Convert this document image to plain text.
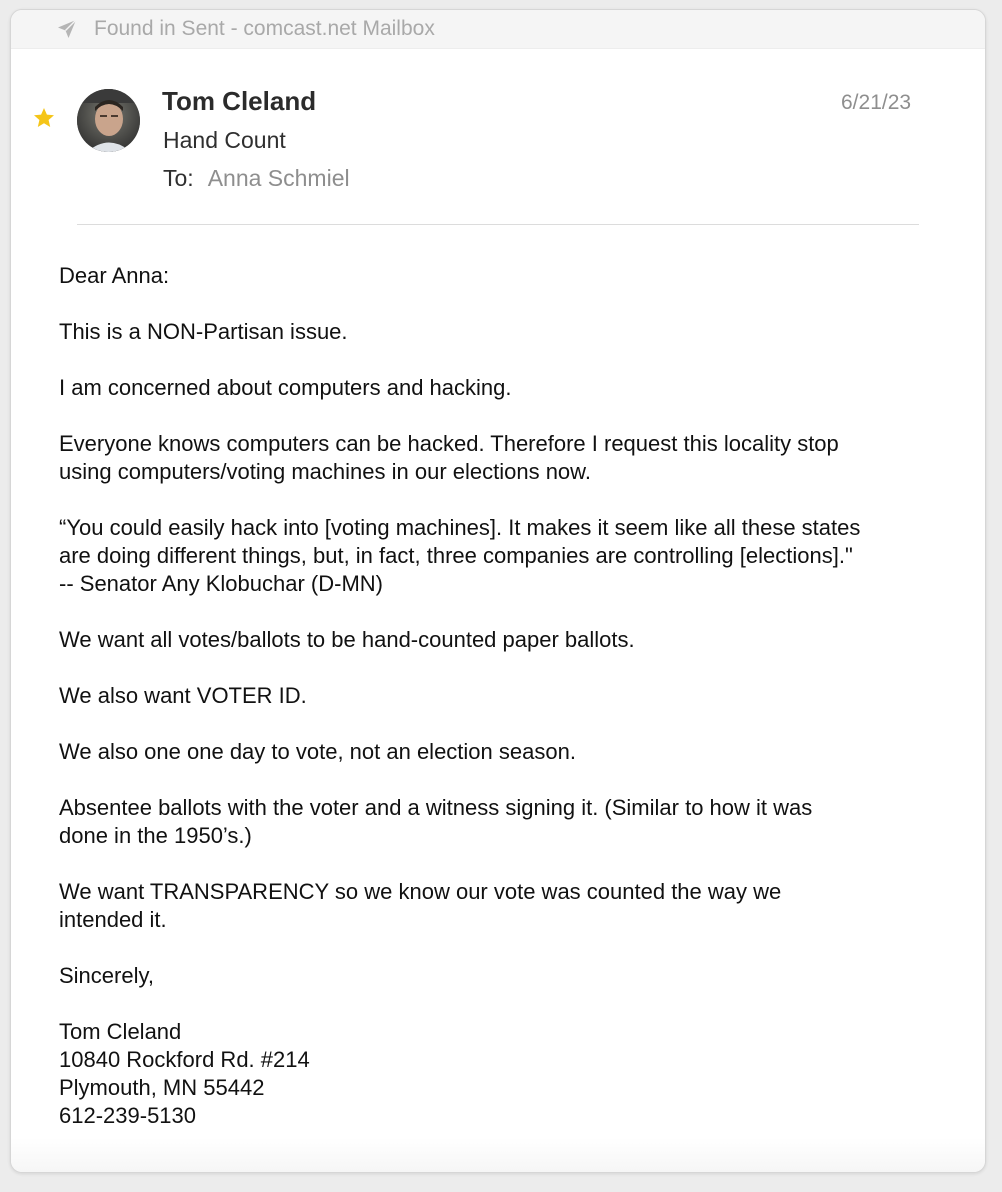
Found in Sent - comcast.net Mailbox
Tom Cleland
Hand Count
To: Anna Schmiel
6/21/23

Dear Anna:

This is a NON-Partisan issue.

I am concerned about computers and hacking.

Everyone knows computers can be hacked. Therefore I request this locality stop
using computers/voting machines in our elections now.

“You could easily hack into [voting machines]. It makes it seem like all these states
are doing different things, but, in fact, three companies are controlling [elections]."
-- Senator Any Klobuchar (D-MN)

We want all votes/ballots to be hand-counted paper ballots.

We also want VOTER ID.

We also one one day to vote, not an election season.

Absentee ballots with the voter and a witness signing it. (Similar to how it was
done in the 1950’s.)

We want TRANSPARENCY so we know our vote was counted the way we
intended it.

Sincerely,

Tom Cleland
10840 Rockford Rd. #214
Plymouth, MN 55442
612-239-5130
